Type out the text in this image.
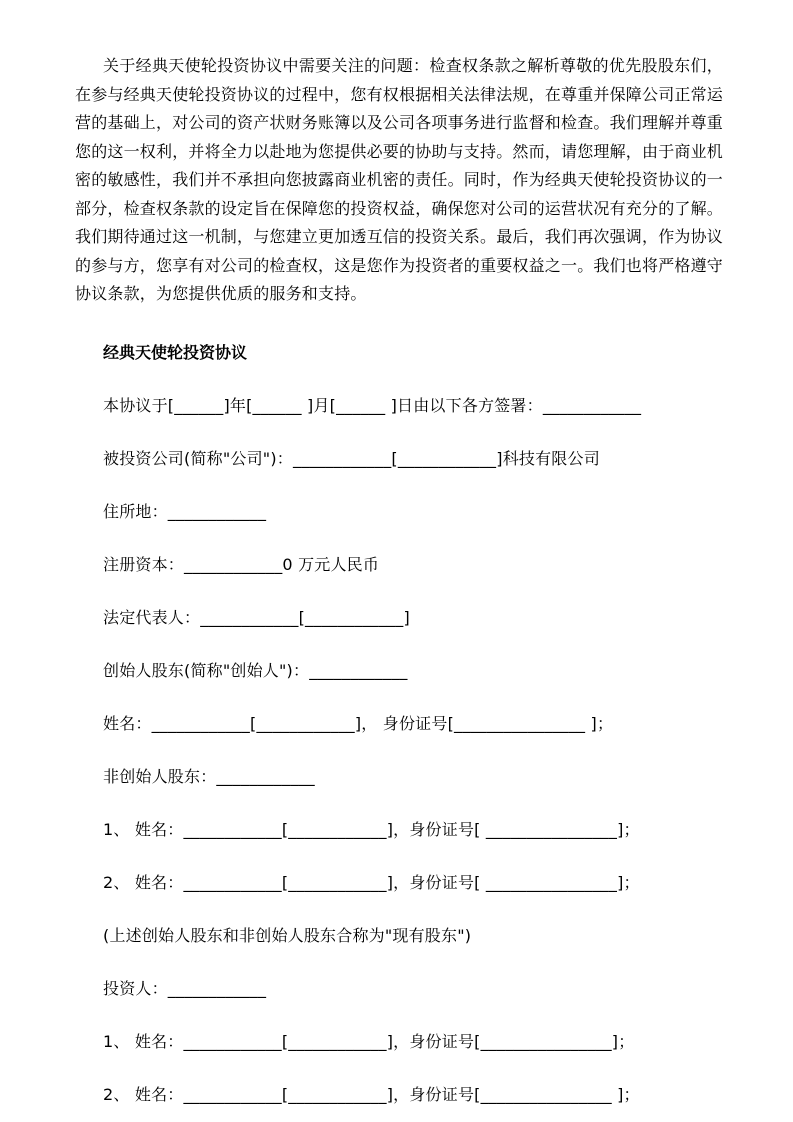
关于经典天使轮投资协议中需要关注的问题：检查权条款之解析尊敬的优先股股东们，在参与经典天使轮投资协议的过程中，您有权根据相关法律法规，在尊重并保障公司正常运营的基础上，对公司的资产状财务账簿以及公司各项事务进行监督和检查。我们理解并尊重您的这一权利，并将全力以赴地为您提供必要的协助与支持。然而，请您理解，由于商业机密的敏感性，我们并不承担向您披露商业机密的责任。同时，作为经典天使轮投资协议的一部分，检查权条款的设定旨在保障您的投资权益，确保您对公司的运营状况有充分的了解。我们期待通过这一机制，与您建立更加透互信的投资关系。最后，我们再次强调，作为协议的参与方，您享有对公司的检查权，这是您作为投资者的重要权益之一。我们也将严格遵守协议条款，为您提供优质的服务和支持。

经典天使轮投资协议

本协议于[______]年[______ ]月[______ ]日由以下各方签署：____________

被投资公司(简称"公司")：____________[____________]科技有限公司

住所地：____________

注册资本：____________0 万元人民币

法定代表人：____________[____________]

创始人股东(简称"创始人")：____________

姓名：____________[____________]， 身份证号[________________ ]；

非创始人股东：____________

1、 姓名：____________[____________]，身份证号[ ________________]；

2、 姓名：____________[____________]，身份证号[ ________________]；

(上述创始人股东和非创始人股东合称为"现有股东")

投资人：____________

1、 姓名：____________[____________]，身份证号[________________]；

2、 姓名：____________[____________]，身份证号[________________ ]；
